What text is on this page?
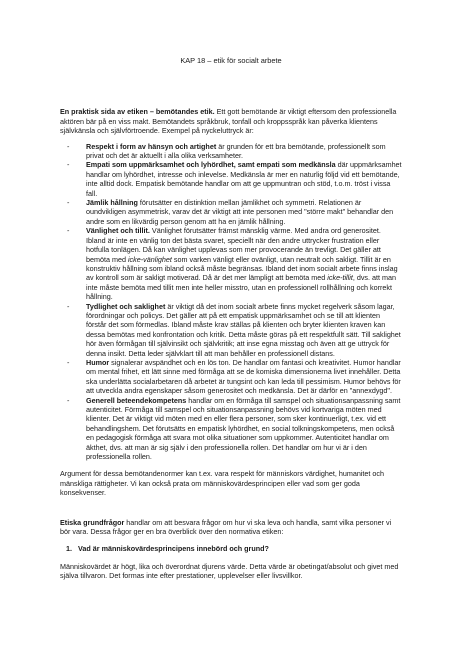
KAP 18 – etik för socialt arbete

En praktisk sida av etiken – bemötandes etik. Ett gott bemötande är viktigt eftersom den professionella aktören bär på en viss makt. Bemötandets språkbruk, tonfall och kroppsspråk kan påverka klientens självkänsla och självförtroende. Exempel på nyckeluttryck är:

- Respekt i form av hänsyn och artighet är grunden för ett bra bemötande, professionellt som privat och det är aktuellt i alla olika verksamheter.
- Empati som uppmärksamhet och lyhördhet, samt empati som medkänsla där uppmärksamhet handlar om lyhördhet, intresse och inlevelse. Medkänsla är mer en naturlig följd vid ett bemötande, inte alltid dock. Empatisk bemötande handlar om att ge uppmuntran och stöd, t.o.m. tröst i vissa fall.
- Jämlik hållning förutsätter en distinktion mellan jämlikhet och symmetri. Relationen är oundvikligen asymmetrisk, varav det är viktigt att inte personen med "större makt" behandlar den andre som en likvärdig person genom att ha en jämlik hållning.
- Vänlighet och tillit. Vänlighet förutsätter främst mänsklig värme. Med andra ord generositet. Ibland är inte en vänlig ton det bästa svaret, speciellt när den andre uttrycker frustration eller hotfulla tonlägen. Då kan vänlighet upplevas som mer provocerande än trevligt. Det gäller att bemöta med icke-vänlighet som varken vänligt eller ovänligt, utan neutralt och sakligt. Tillit är en konstruktiv hållning som ibland också måste begränsas. Ibland det inom socialt arbete finns inslag av kontroll som är sakligt motiverad. Då är det mer lämpligt att bemöta med icke-tillit, dvs. att man inte måste bemöta med tillit men inte heller misstro, utan en professionell rollhållning och korrekt hållning.
- Tydlighet och saklighet är viktigt då det inom socialt arbete finns mycket regelverk såsom lagar, förordningar och policys. Det gäller att på ett empatisk uppmärksamhet och se till att klienten förstår det som förmedlas. Ibland måste krav ställas på klienten och bryter klienten kraven kan dessa bemötas med konfrontation och kritik. Detta måste göras på ett respektfullt sätt. Till saklighet hör även förmågan till självinsikt och självkritik; att inse egna misstag och även att ge uttryck för denna insikt. Detta leder självklart till att man behåller en professionell distans.
- Humor signalerar avspändhet och en lös ton. De handlar om fantasi och kreativitet. Humor handlar om mental frihet, ett lätt sinne med förmåga att se de komiska dimensionerna livet innehåller. Detta ska underlätta socialarbetaren då arbetet är tungsint och kan leda till pessimism. Humor behövs för att utveckla andra egenskaper såsom generositet och medkänsla. Det är därför en "annexdygd".
- Generell beteendekompetens handlar om en förmåga till samspel och situationsanpassning samt autenticitet. Förmåga till samspel och situationsanpassning behövs vid kortvariga möten med klienter. Det är viktigt vid möten med en eller flera personer, som sker kontinuerligt, t.ex. vid ett behandlingshem. Det förutsätts en empatisk lyhördhet, en social tolkningskompetens, men också en pedagogisk förmåga att svara mot olika situationer som uppkommer. Autenticitet handlar om äkthet, dvs. att man är sig själv i den professionella rollen. Det handlar om hur vi är i den professionella rollen.

Argument för dessa bemötandenormer kan t.ex. vara respekt för människors värdighet, humanitet och mänskliga rättigheter. Vi kan också prata om människovärdesprincipen eller vad som ger goda konsekvenser.

Etiska grundfrågor handlar om att besvara frågor om hur vi ska leva och handla, samt vilka personer vi bör vara. Dessa frågor ger en bra överblick över den normativa etiken:

1. Vad är människovärdesprincipens innebörd och grund?

Människovärdet är högt, lika och överordnat djurens värde. Detta värde är obetingat/absolut och givet med själva tillvaron. Det formas inte efter prestationer, upplevelser eller livsvillkor.
